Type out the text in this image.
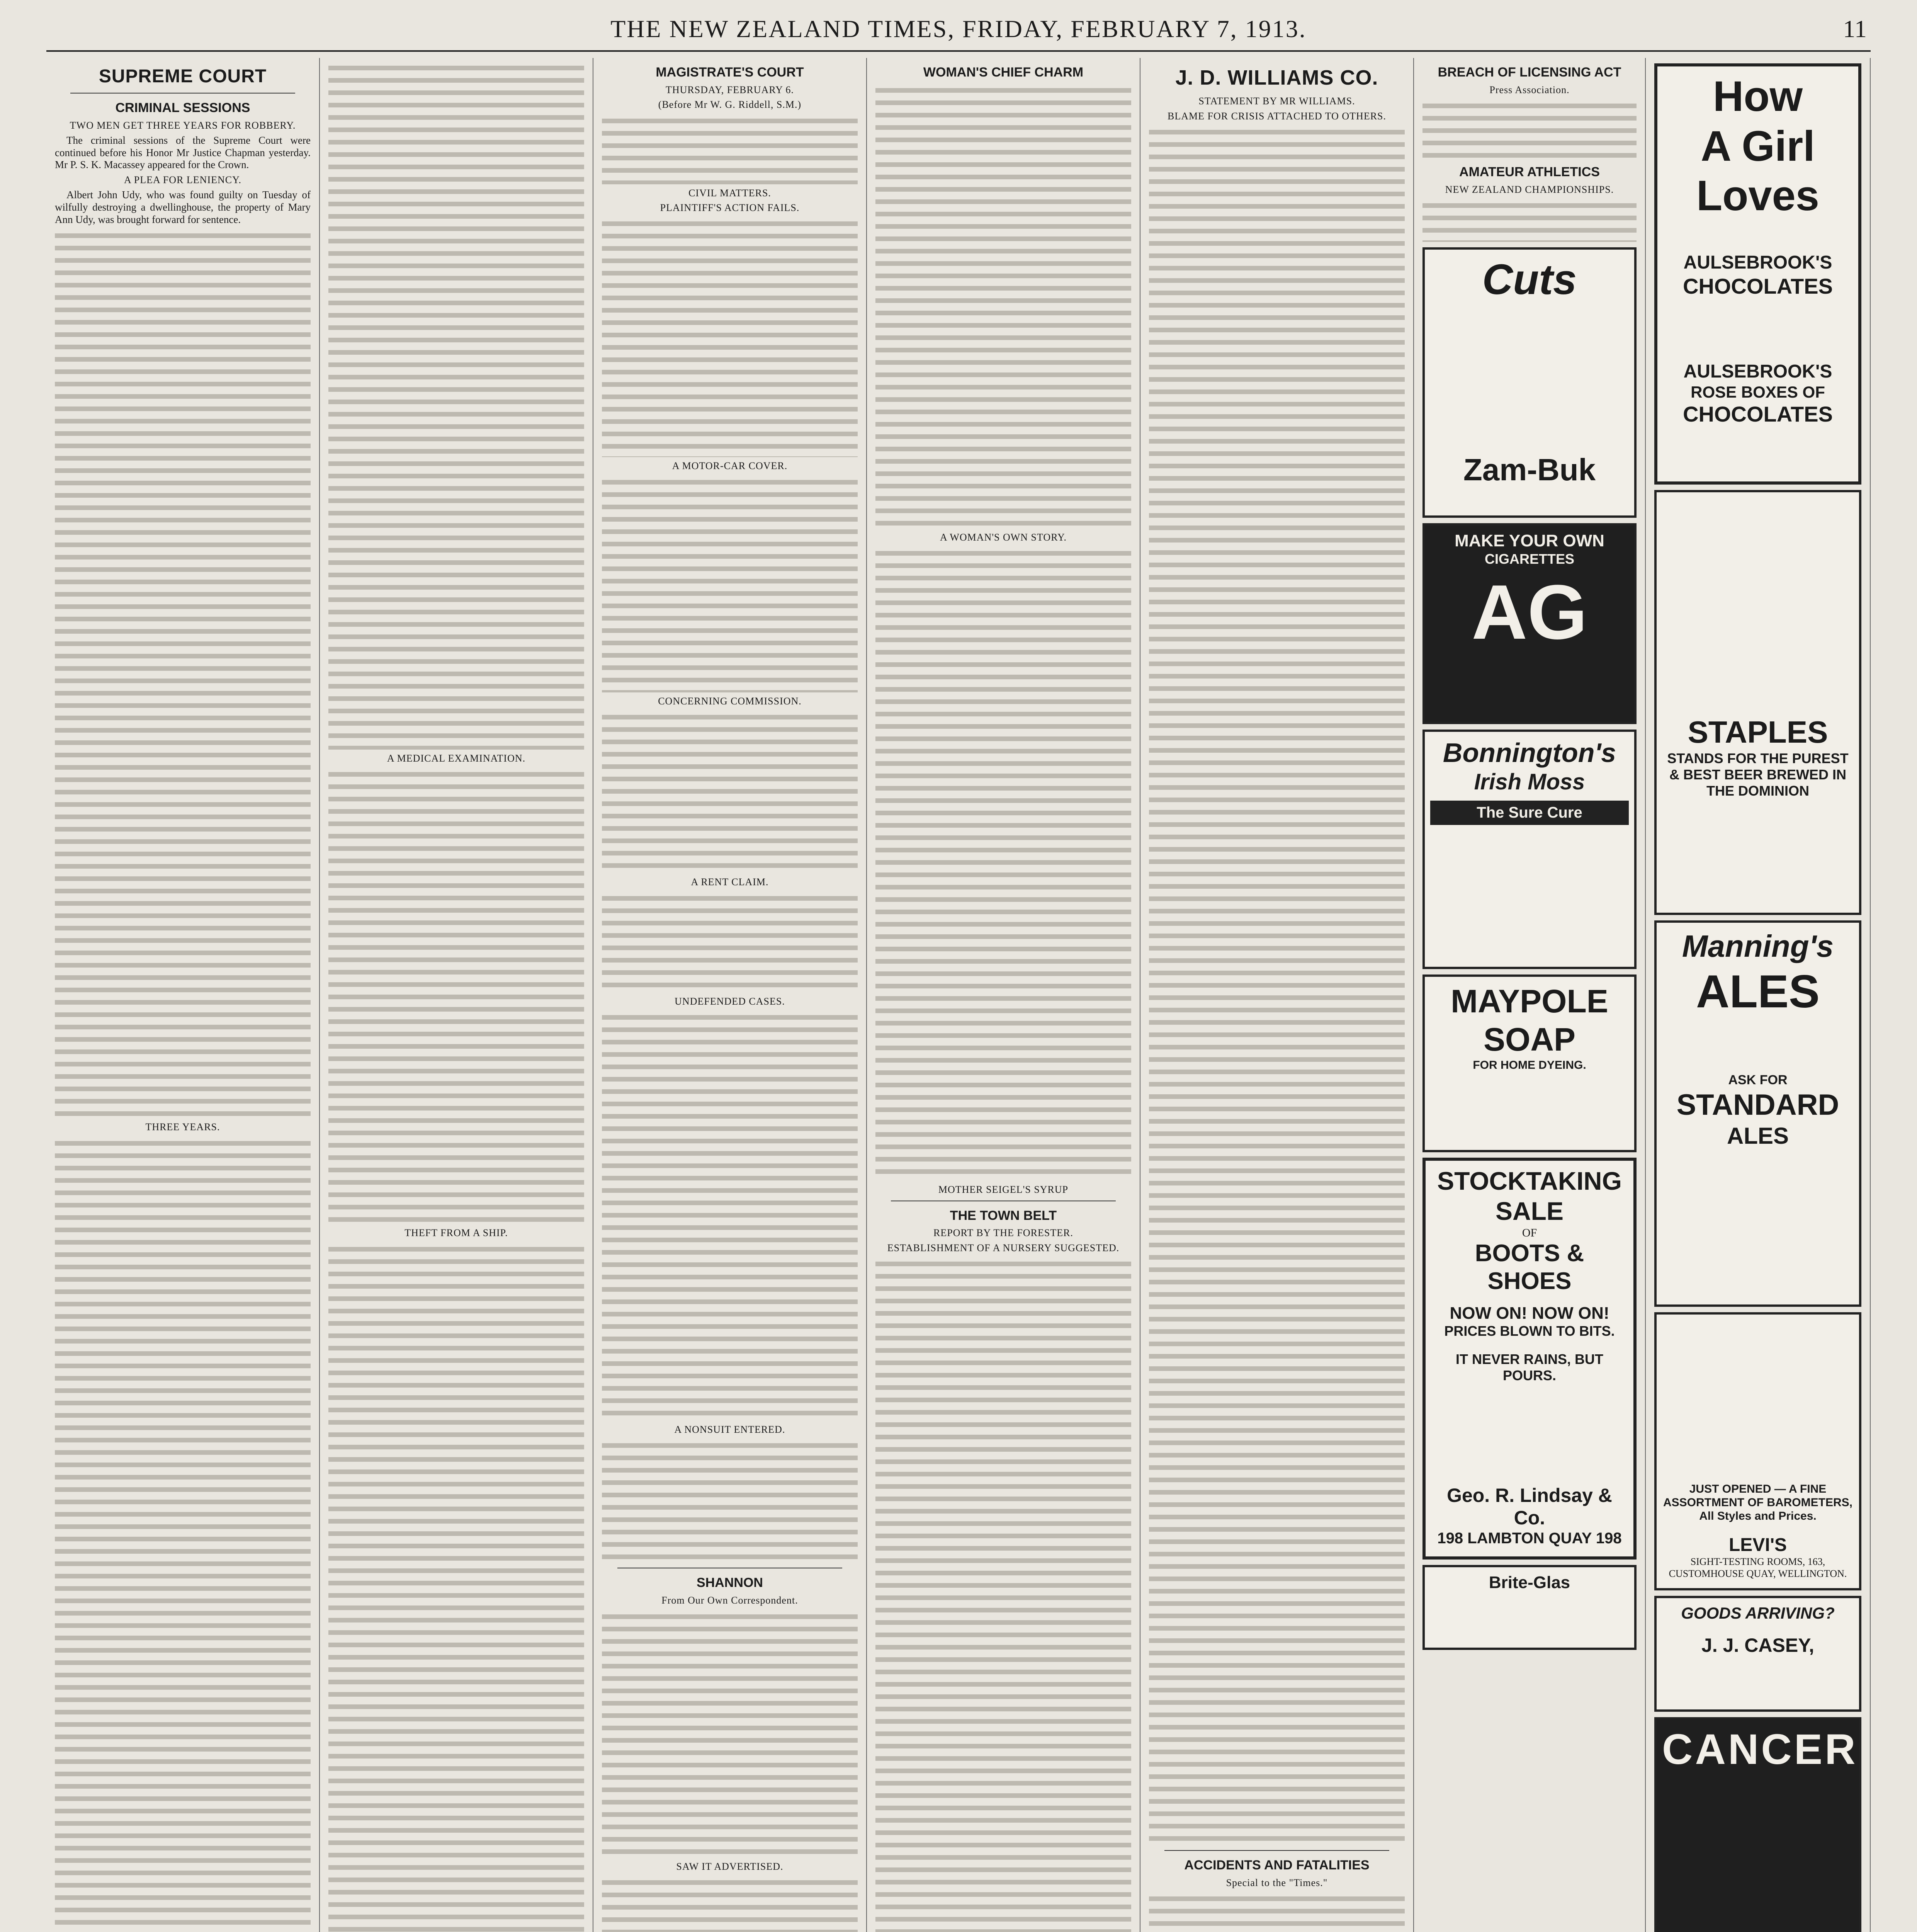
THE NEW ZEALAND TIMES, FRIDAY, FEBRUARY 7, 1913.	11
SUPREME COURT
CRIMINAL SESSIONS
TWO MEN GET THREE YEARS FOR ROBBERY.

The criminal sessions of the Supreme Court were continued before his Honor Mr Justice Chapman yesterday. Mr P. S. K. Macassey appeared for the Crown.

A PLEA FOR LENIENCY.

Albert John Udy, who was found guilty on Tuesday of wilfully destroying a dwellinghouse, the property of Mary Ann Udy, was brought forward for sentence.

THREE YEARS.
A MEDICAL EXAMINATION.
THEFT FROM A SHIP.
MAGISTRATE'S COURT
THURSDAY, FEBRUARY 6.
(Before Mr W. G. Riddell, S.M.)
CIVIL MATTERS.
PLAINTIFF'S ACTION FAILS.
A MOTOR-CAR COVER.
CONCERNING COMMISSION.
A RENT CLAIM.
UNDEFENDED CASES.
A NONSUIT ENTERED.
SHANNON
From Our Own Correspondent.
SAW IT ADVERTISED.
WOMAN'S CHIEF CHARM
A WOMAN'S OWN STORY.
MOTHER SEIGEL'S SYRUP
THE TOWN BELT
REPORT BY THE FORESTER.
ESTABLISHMENT OF A NURSERY SUGGESTED.
J. D. WILLIAMS CO.
STATEMENT BY MR WILLIAMS.
BLAME FOR CRISIS ATTACHED TO OTHERS.
ACCIDENTS AND FATALITIES
Special to the "Times."
BREACH OF LICENSING ACT
Press Association.
AMATEUR ATHLETICS
NEW ZEALAND CHAMPIONSHIPS.
Cuts
Zam-Buk
MAKE YOUR OWN
CIGARETTES
AG
Bonnington's
Irish Moss
The Sure Cure
MAYPOLE
SOAP
FOR HOME DYEING.
STOCKTAKING
SALE
OF
BOOTS & SHOES
NOW ON! NOW ON!
PRICES BLOWN TO BITS.
IT NEVER RAINS, BUT POURS.
Geo. R. Lindsay & Co.
198 LAMBTON QUAY 198
Brite-Glas
How
A Girl
Loves
AULSEBROOK'S
CHOCOLATES
AULSEBROOK'S
ROSE BOXES OF
CHOCOLATES
STAPLES
STANDS FOR THE PUREST & BEST BEER BREWED IN THE DOMINION
Manning's
ALES
ASK FOR
STANDARD
ALES
JUST OPENED — A FINE ASSORTMENT OF BAROMETERS, All Styles and Prices.
LEVI'S
SIGHT-TESTING ROOMS, 163, CUSTOMHOUSE QUAY, WELLINGTON.
GOODS ARRIVING?
J. J. CASEY,
CANCER
